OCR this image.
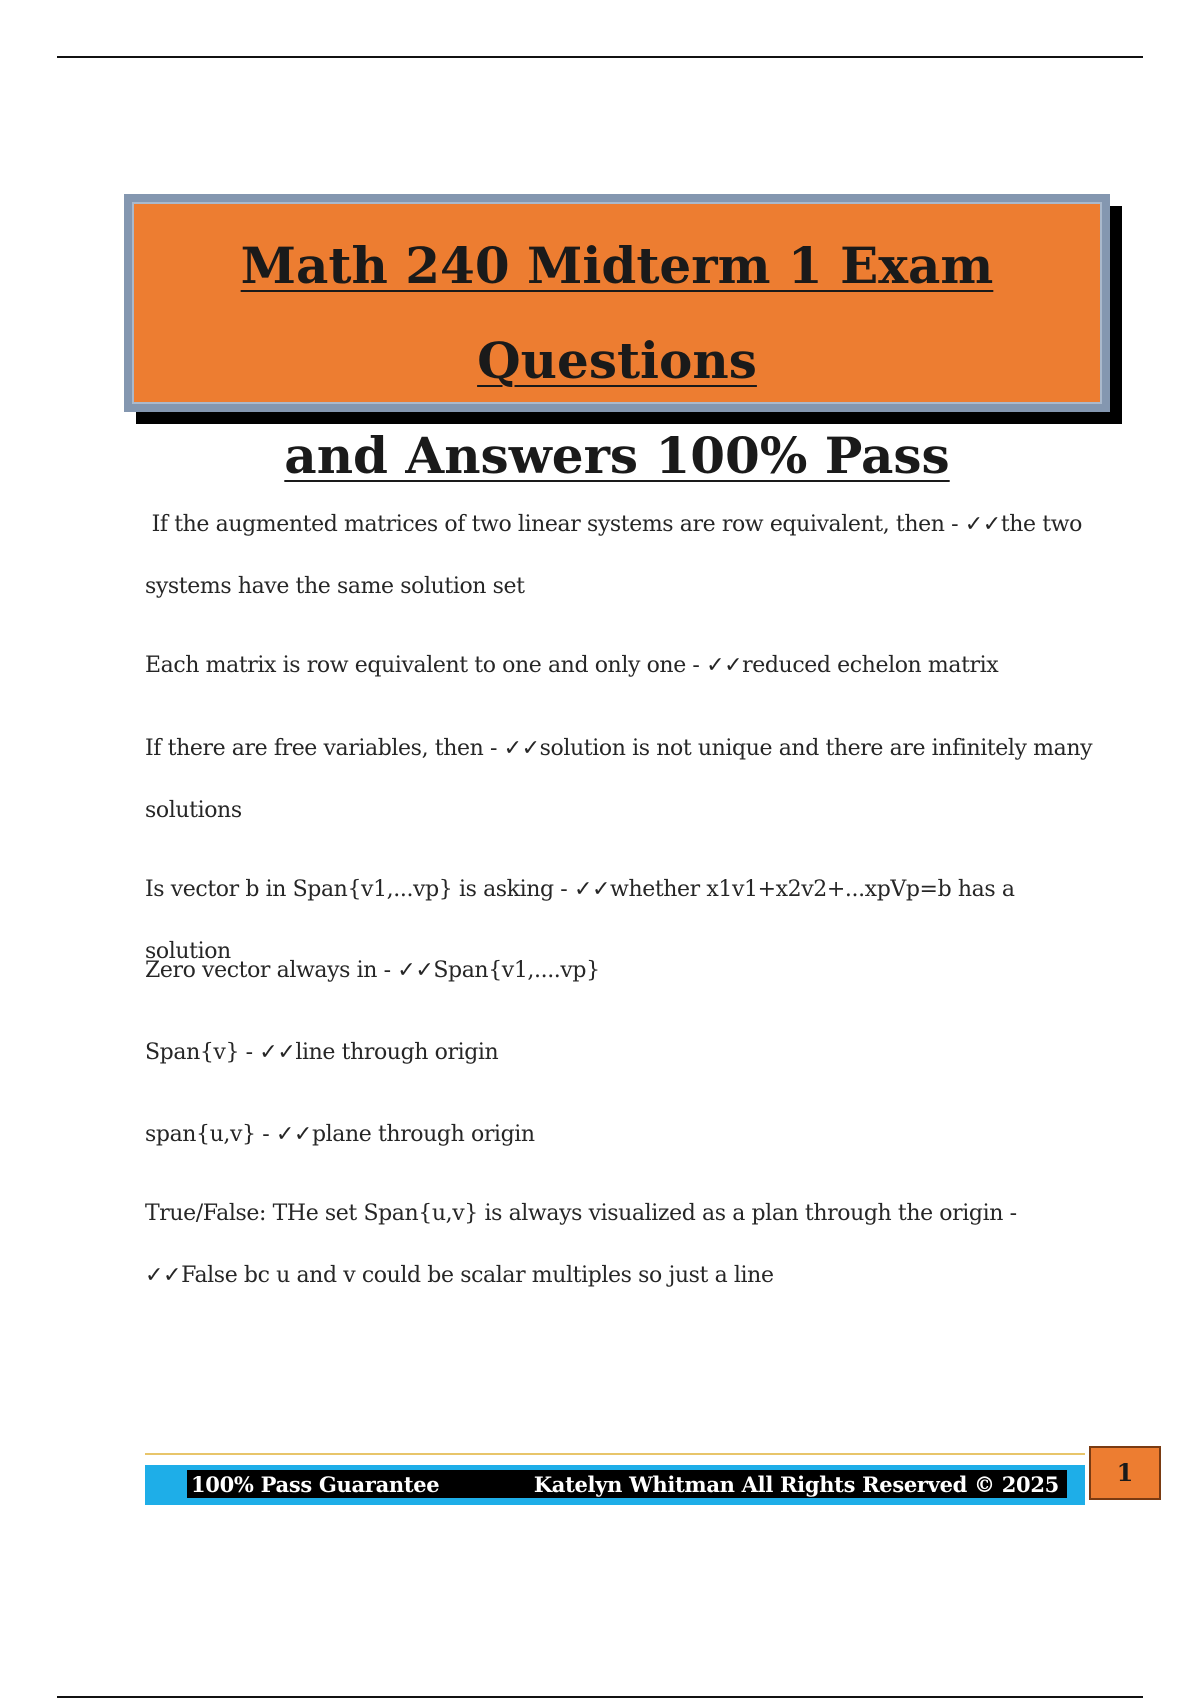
Math 240 Midterm 1 Exam Questions
and Answers 100% Pass
If the augmented matrices of two linear systems are row equivalent, then - ✓✓the two systems have the same solution set
Each matrix is row equivalent to one and only one - ✓✓reduced echelon matrix
If there are free variables, then - ✓✓solution is not unique and there are infinitely many solutions
Is vector b in Span{v1,...vp} is asking - ✓✓whether x1v1+x2v2+...xpVp=b has a solution
Zero vector always in - ✓✓Span{v1,....vp}
Span{v} - ✓✓line through origin
span{u,v} - ✓✓plane through origin
True/False: THe set Span{u,v} is always visualized as a plan through the origin - ✓✓False bc u and v could be scalar multiples so just a line
100% Pass Guarantee	Katelyn Whitman All Rights Reserved © 2025	1
